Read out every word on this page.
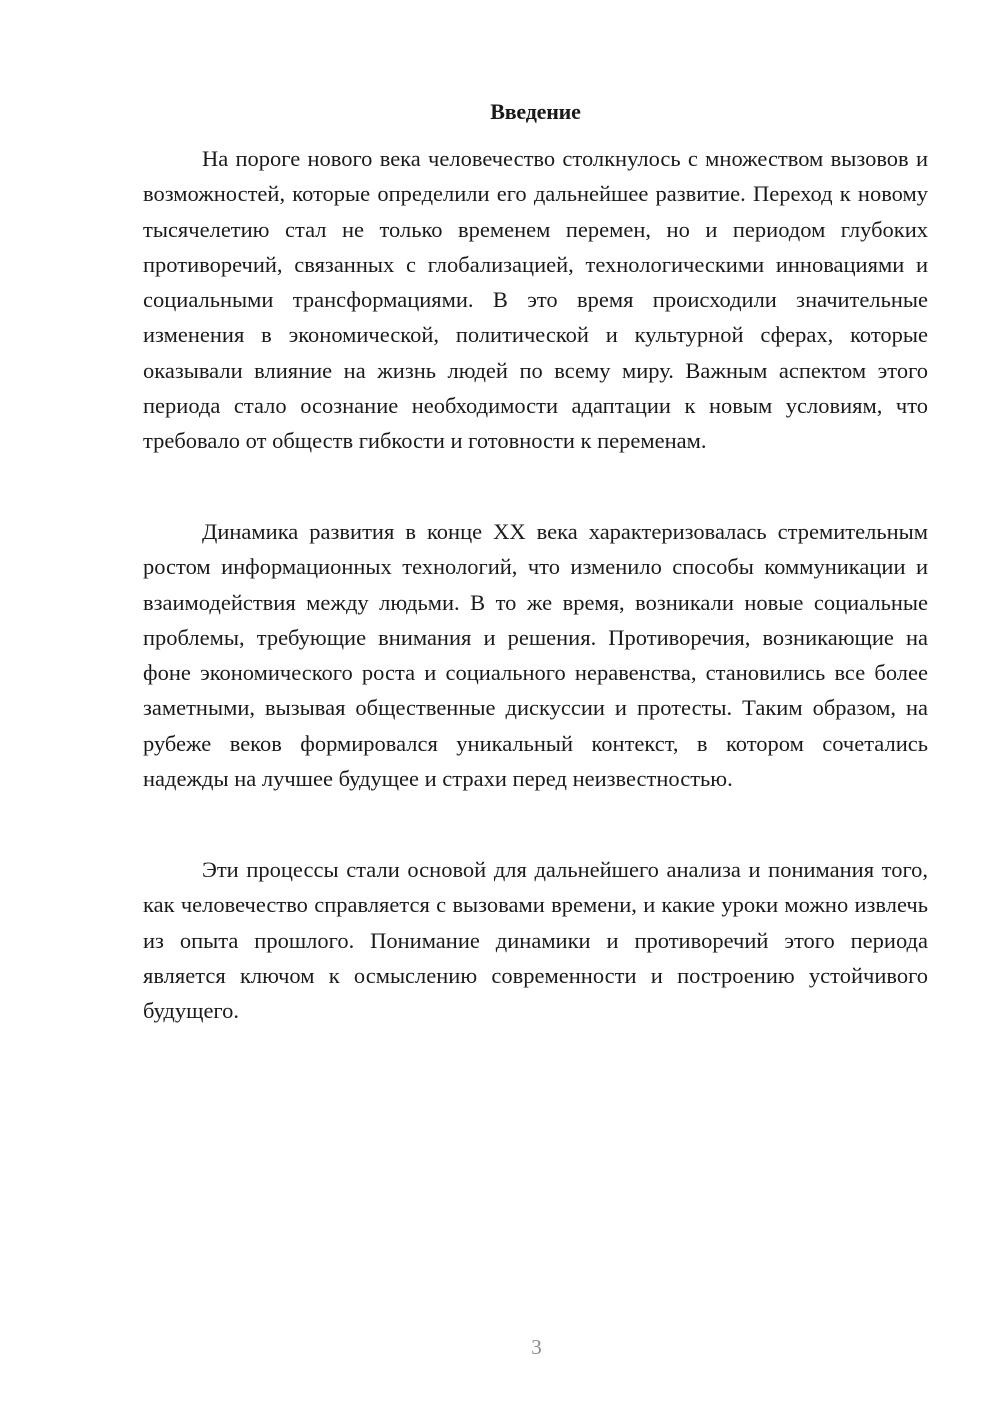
Введение

На пороге нового века человечество столкнулось с множеством вызовов и возможностей, которые определили его дальнейшее развитие. Переход к новому тысячелетию стал не только временем перемен, но и периодом глубоких противоречий, связанных с глобализацией, технологическими инновациями и социальными трансформациями. В это время происходили значительные изменения в экономической, политической и культурной сферах, которые оказывали влияние на жизнь людей по всему миру. Важным аспектом этого периода стало осознание необходимости адаптации к новым условиям, что требовало от обществ гибкости и готовности к переменам.

Динамика развития в конце XX века характеризовалась стремительным ростом информационных технологий, что изменило способы коммуникации и взаимодействия между людьми. В то же время, возникали новые социальные проблемы, требующие внимания и решения. Противоречия, возникающие на фоне экономического роста и социального неравенства, становились все более заметными, вызывая общественные дискуссии и протесты. Таким образом, на рубеже веков формировался уникальный контекст, в котором сочетались надежды на лучшее будущее и страхи перед неизвестностью.

Эти процессы стали основой для дальнейшего анализа и понимания того, как человечество справляется с вызовами времени, и какие уроки можно извлечь из опыта прошлого. Понимание динамики и противоречий этого периода является ключом к осмыслению современности и построению устойчивого будущего.

3
